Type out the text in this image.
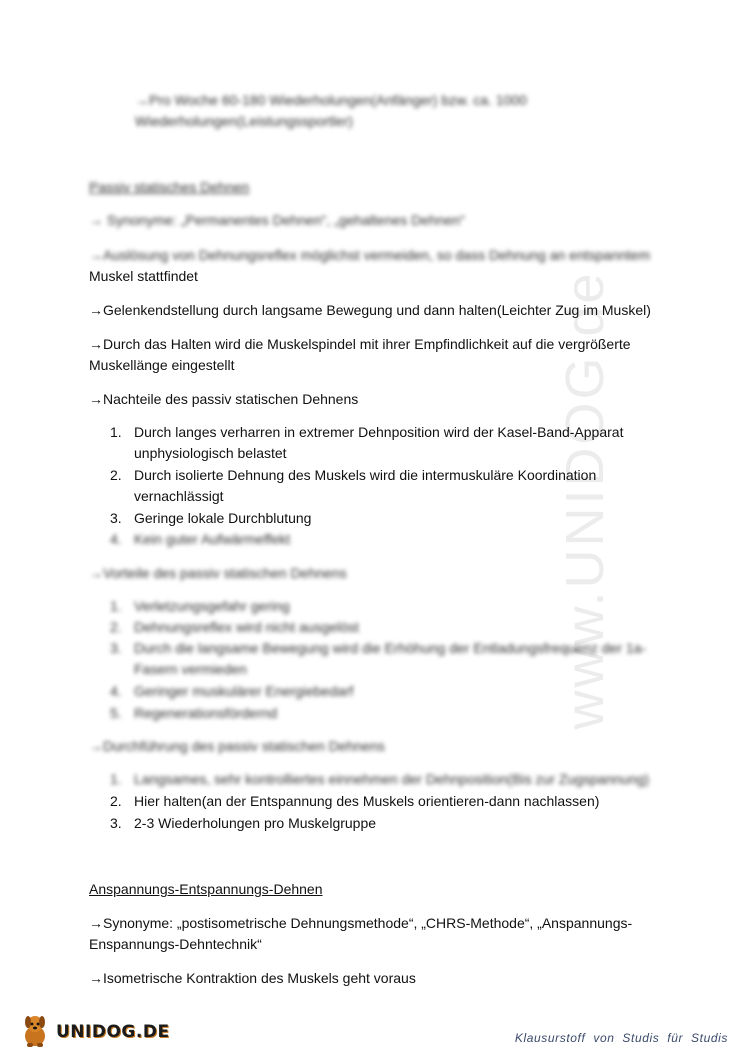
www.UNIDOG.de
→Pro Woche 60-180 Wiederholungen(Anfänger) bzw. ca. 1000
Wiederholungen(Leistungssportler)
Passiv statisches Dehnen
→ Synonyme: „Permanentes Dehnen“, „gehaltenes Dehnen“
→Auslösung von Dehnungsreflex möglichst vermeiden, so dass Dehnung an entspanntem
Muskel stattfindet
→Gelenkendstellung durch langsame Bewegung und dann halten(Leichter Zug im Muskel)
→Durch das Halten wird die Muskelspindel mit ihrer Empfindlichkeit auf die vergrößerte
Muskellänge eingestellt
→Nachteile des passiv statischen Dehnens
1. Durch langes verharren in extremer Dehnposition wird der Kasel-Band-Apparat
unphysiologisch belastet
2. Durch isolierte Dehnung des Muskels wird die intermuskuläre Koordination
vernachlässigt
3. Geringe lokale Durchblutung
4. Kein guter Aufwärmeffekt
→Vorteile des passiv statischen Dehnens
1. Verletzungsgefahr gering
2. Dehnungsreflex wird nicht ausgelöst
3. Durch die langsame Bewegung wird die Erhöhung der Entladungsfrequenz der 1a-
Fasern vermieden
4. Geringer muskulärer Energiebedarf
5. Regenerationsfördernd
→Durchführung des passiv statischen Dehnens
1. Langsames, sehr kontrolliertes einnehmen der Dehnposition(Bis zur Zugspannung)
2. Hier halten(an der Entspannung des Muskels orientieren-dann nachlassen)
3. 2-3 Wiederholungen pro Muskelgruppe
Anspannungs-Entspannungs-Dehnen
→Synonyme: „postisometrische Dehnungsmethode“, „CHRS-Methode“, „Anspannungs-
Enspannungs-Dehntechnik“
→Isometrische Kontraktion des Muskels geht voraus
UNIDOG.DE	Klausurstoff von Studis für Studis
